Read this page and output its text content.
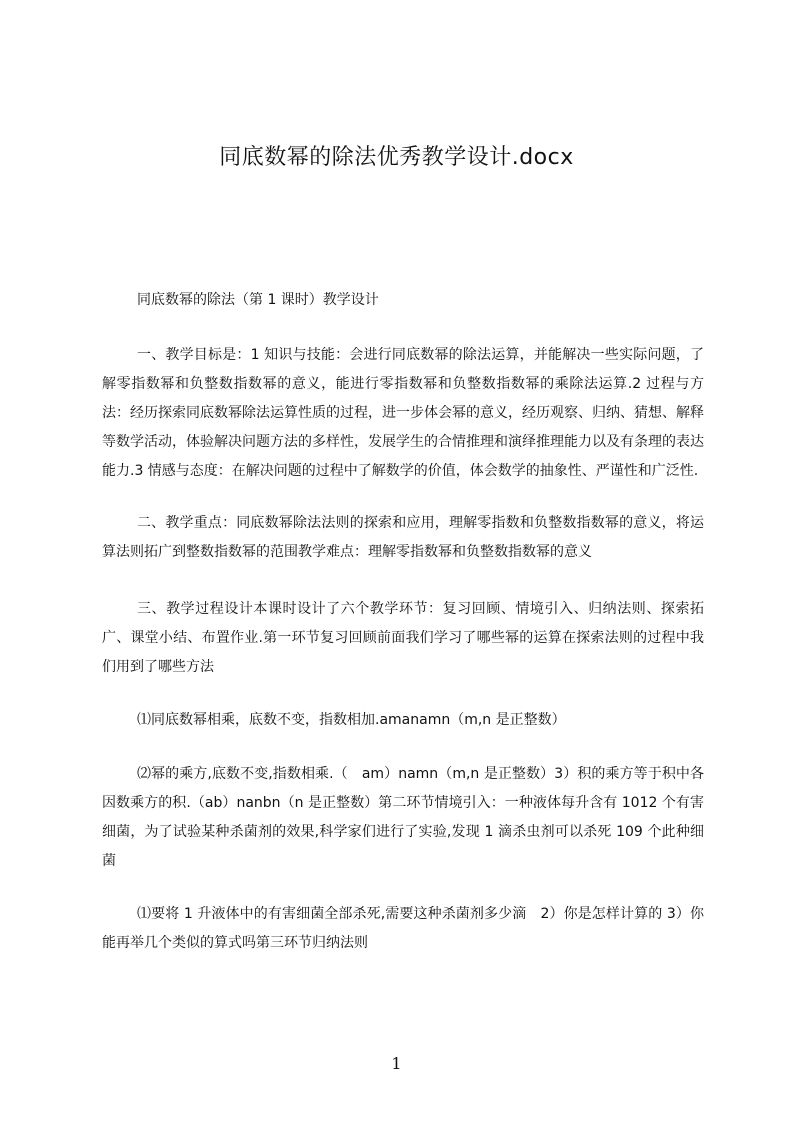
同底数幂的除法优秀教学设计.docx

同底数幂的除法（第 1 课时）教学设计

一、教学目标是：1 知识与技能：会进行同底数幂的除法运算，并能解决一些实际问题，了解零指数幂和负整数指数幂的意义，能进行零指数幂和负整数指数幂的乘除法运算.2 过程与方法：经历探索同底数幂除法运算性质的过程，进一步体会幂的意义，经历观察、归纳、猜想、解释等数学活动，体验解决问题方法的多样性，发展学生的合情推理和演绎推理能力以及有条理的表达能力.3 情感与态度：在解决问题的过程中了解数学的价值，体会数学的抽象性、严谨性和广泛性.

二、教学重点：同底数幂除法法则的探索和应用，理解零指数和负整数指数幂的意义，将运算法则拓广到整数指数幂的范围教学难点：理解零指数幂和负整数指数幂的意义

三、教学过程设计本课时设计了六个教学环节：复习回顾、情境引入、归纳法则、探索拓广、课堂小结、布置作业.第一环节复习回顾前面我们学习了哪些幂的运算在探索法则的过程中我们用到了哪些方法

⑴同底数幂相乘，底数不变，指数相加.amanamn（m,n 是正整数）

⑵幂的乘方,底数不变,指数相乘.（　am）namn（m,n 是正整数）3）积的乘方等于积中各因数乘方的积.（ab）nanbn（n 是正整数）第二环节情境引入：一种液体每升含有 1012 个有害细菌，为了试验某种杀菌剂的效果,科学家们进行了实验,发现 1 滴杀虫剂可以杀死 109 个此种细菌

⑴要将 1 升液体中的有害细菌全部杀死,需要这种杀菌剂多少滴　2）你是怎样计算的 3）你能再举几个类似的算式吗第三环节归纳法则

1
